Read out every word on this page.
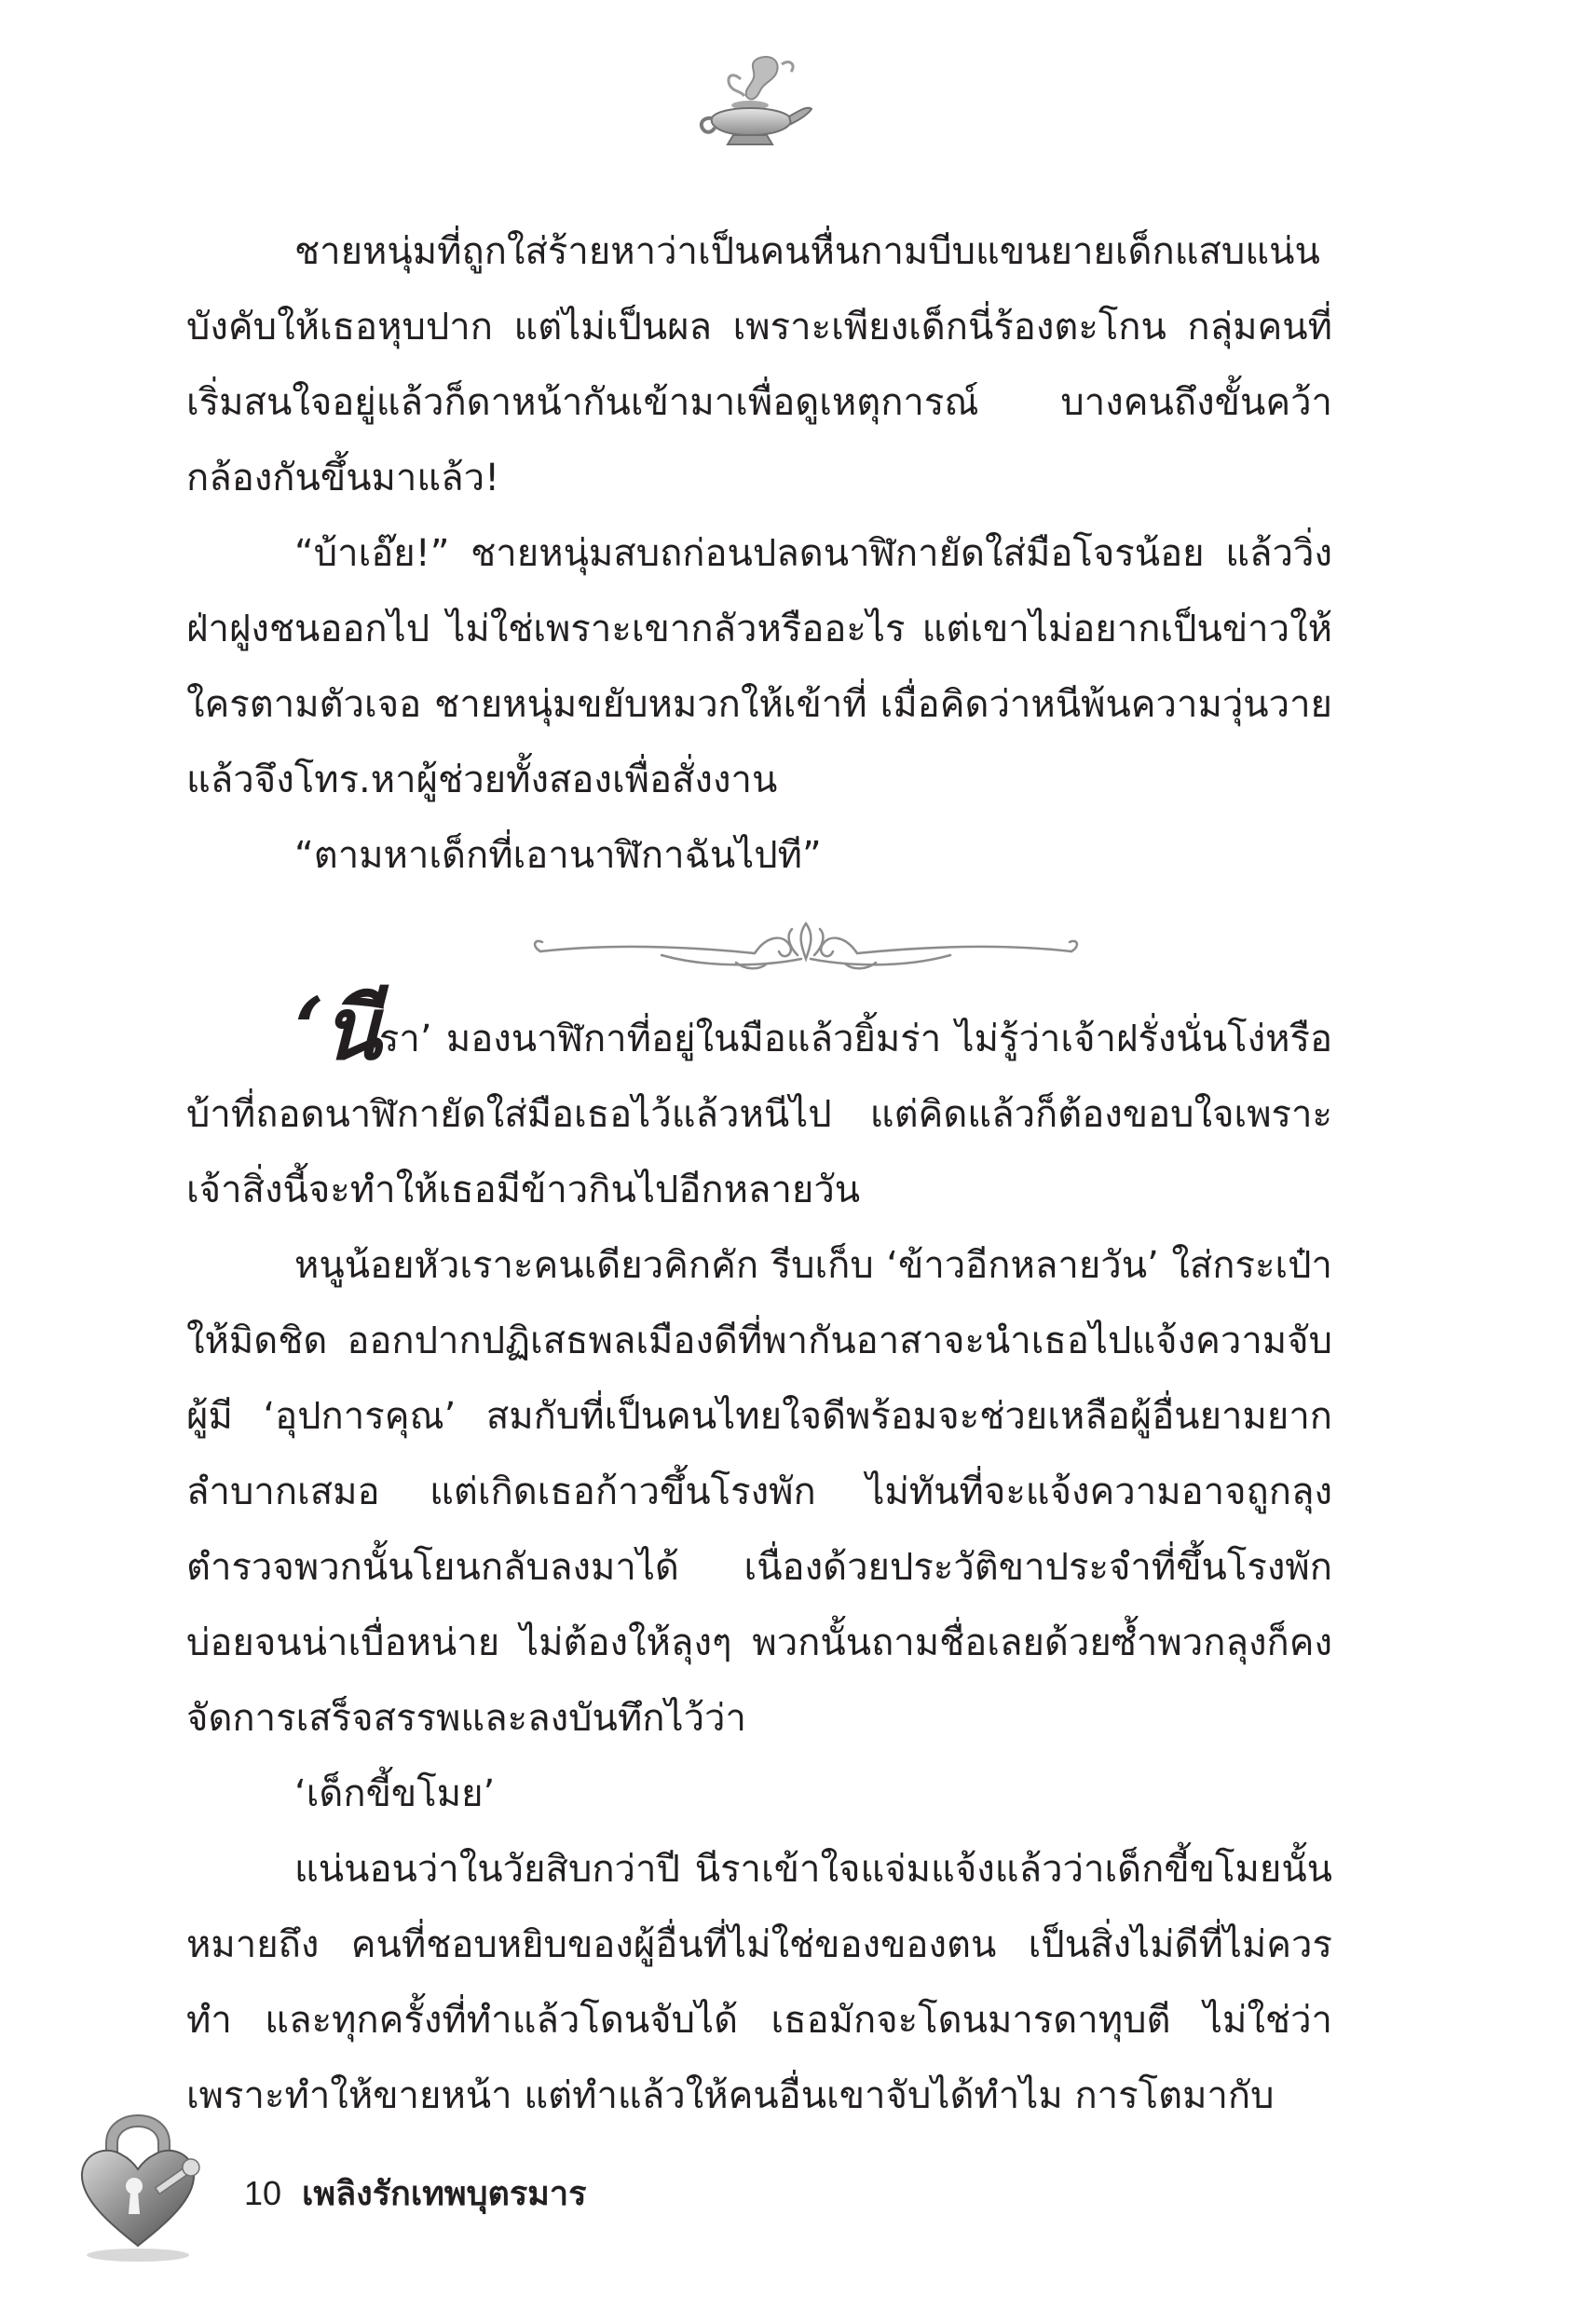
ชายหนุ่มที่ถูกใส่ร้ายหาว่าเป็นคนหื่นกามบีบแขนยายเด็กแสบแน่น บังคับให้เธอหุบปาก แต่ไม่เป็นผล เพราะเพียงเด็กนี่ร้องตะโกน กลุ่มคนที่เริ่มสนใจอยู่แล้วก็ดาหน้ากันเข้ามาเพื่อดูเหตุการณ์ บางคนถึงขั้นคว้ากล้องกันขึ้นมาแล้ว!

“บ้าเอ๊ย!” ชายหนุ่มสบถก่อนปลดนาฬิกายัดใส่มือโจรน้อย แล้ววิ่งฝ่าฝูงชนออกไป ไม่ใช่เพราะเขากลัวหรืออะไร แต่เขาไม่อยากเป็นข่าวให้ใครตามตัวเจอ ชายหนุ่มขยับหมวกให้เข้าที่ เมื่อคิดว่าหนีพ้นความวุ่นวายแล้วจึงโทร.หาผู้ช่วยทั้งสองเพื่อสั่งงาน

“ตามหาเด็กที่เอานาฬิกาฉันไปที”

‘นีรา’ มองนาฬิกาที่อยู่ในมือแล้วยิ้มร่า ไม่รู้ว่าเจ้าฝรั่งนั่นโง่หรือบ้าที่ถอดนาฬิกายัดใส่มือเธอไว้แล้วหนีไป แต่คิดแล้วก็ต้องขอบใจเพราะเจ้าสิ่งนี้จะทำให้เธอมีข้าวกินไปอีกหลายวัน

หนูน้อยหัวเราะคนเดียวคิกคัก รีบเก็บ ‘ข้าวอีกหลายวัน’ ใส่กระเป๋าให้มิดชิด ออกปากปฏิเสธพลเมืองดีที่พากันอาสาจะนำเธอไปแจ้งความจับผู้มี ‘อุปการคุณ’ สมกับที่เป็นคนไทยใจดีพร้อมจะช่วยเหลือผู้อื่นยามยากลำบากเสมอ แต่เกิดเธอก้าวขึ้นโรงพัก ไม่ทันที่จะแจ้งความอาจถูกลุงตำรวจพวกนั้นโยนกลับลงมาได้ เนื่องด้วยประวัติขาประจำที่ขึ้นโรงพักบ่อยจนน่าเบื่อหน่าย ไม่ต้องให้ลุงๆ พวกนั้นถามชื่อเลยด้วยซ้ำพวกลุงก็คงจัดการเสร็จสรรพและลงบันทึกไว้ว่า

‘เด็กขี้ขโมย’

แน่นอนว่าในวัยสิบกว่าปี นีราเข้าใจแจ่มแจ้งแล้วว่าเด็กขี้ขโมยนั้นหมายถึง คนที่ชอบหยิบของผู้อื่นที่ไม่ใช่ของของตน เป็นสิ่งไม่ดีที่ไม่ควรทำ และทุกครั้งที่ทำแล้วโดนจับได้ เธอมักจะโดนมารดาทุบตี ไม่ใช่ว่าเพราะทำให้ขายหน้า แต่ทำแล้วให้คนอื่นเขาจับได้ทำไม การโตมากับ

10 เพลิงรักเทพบุตรมาร
